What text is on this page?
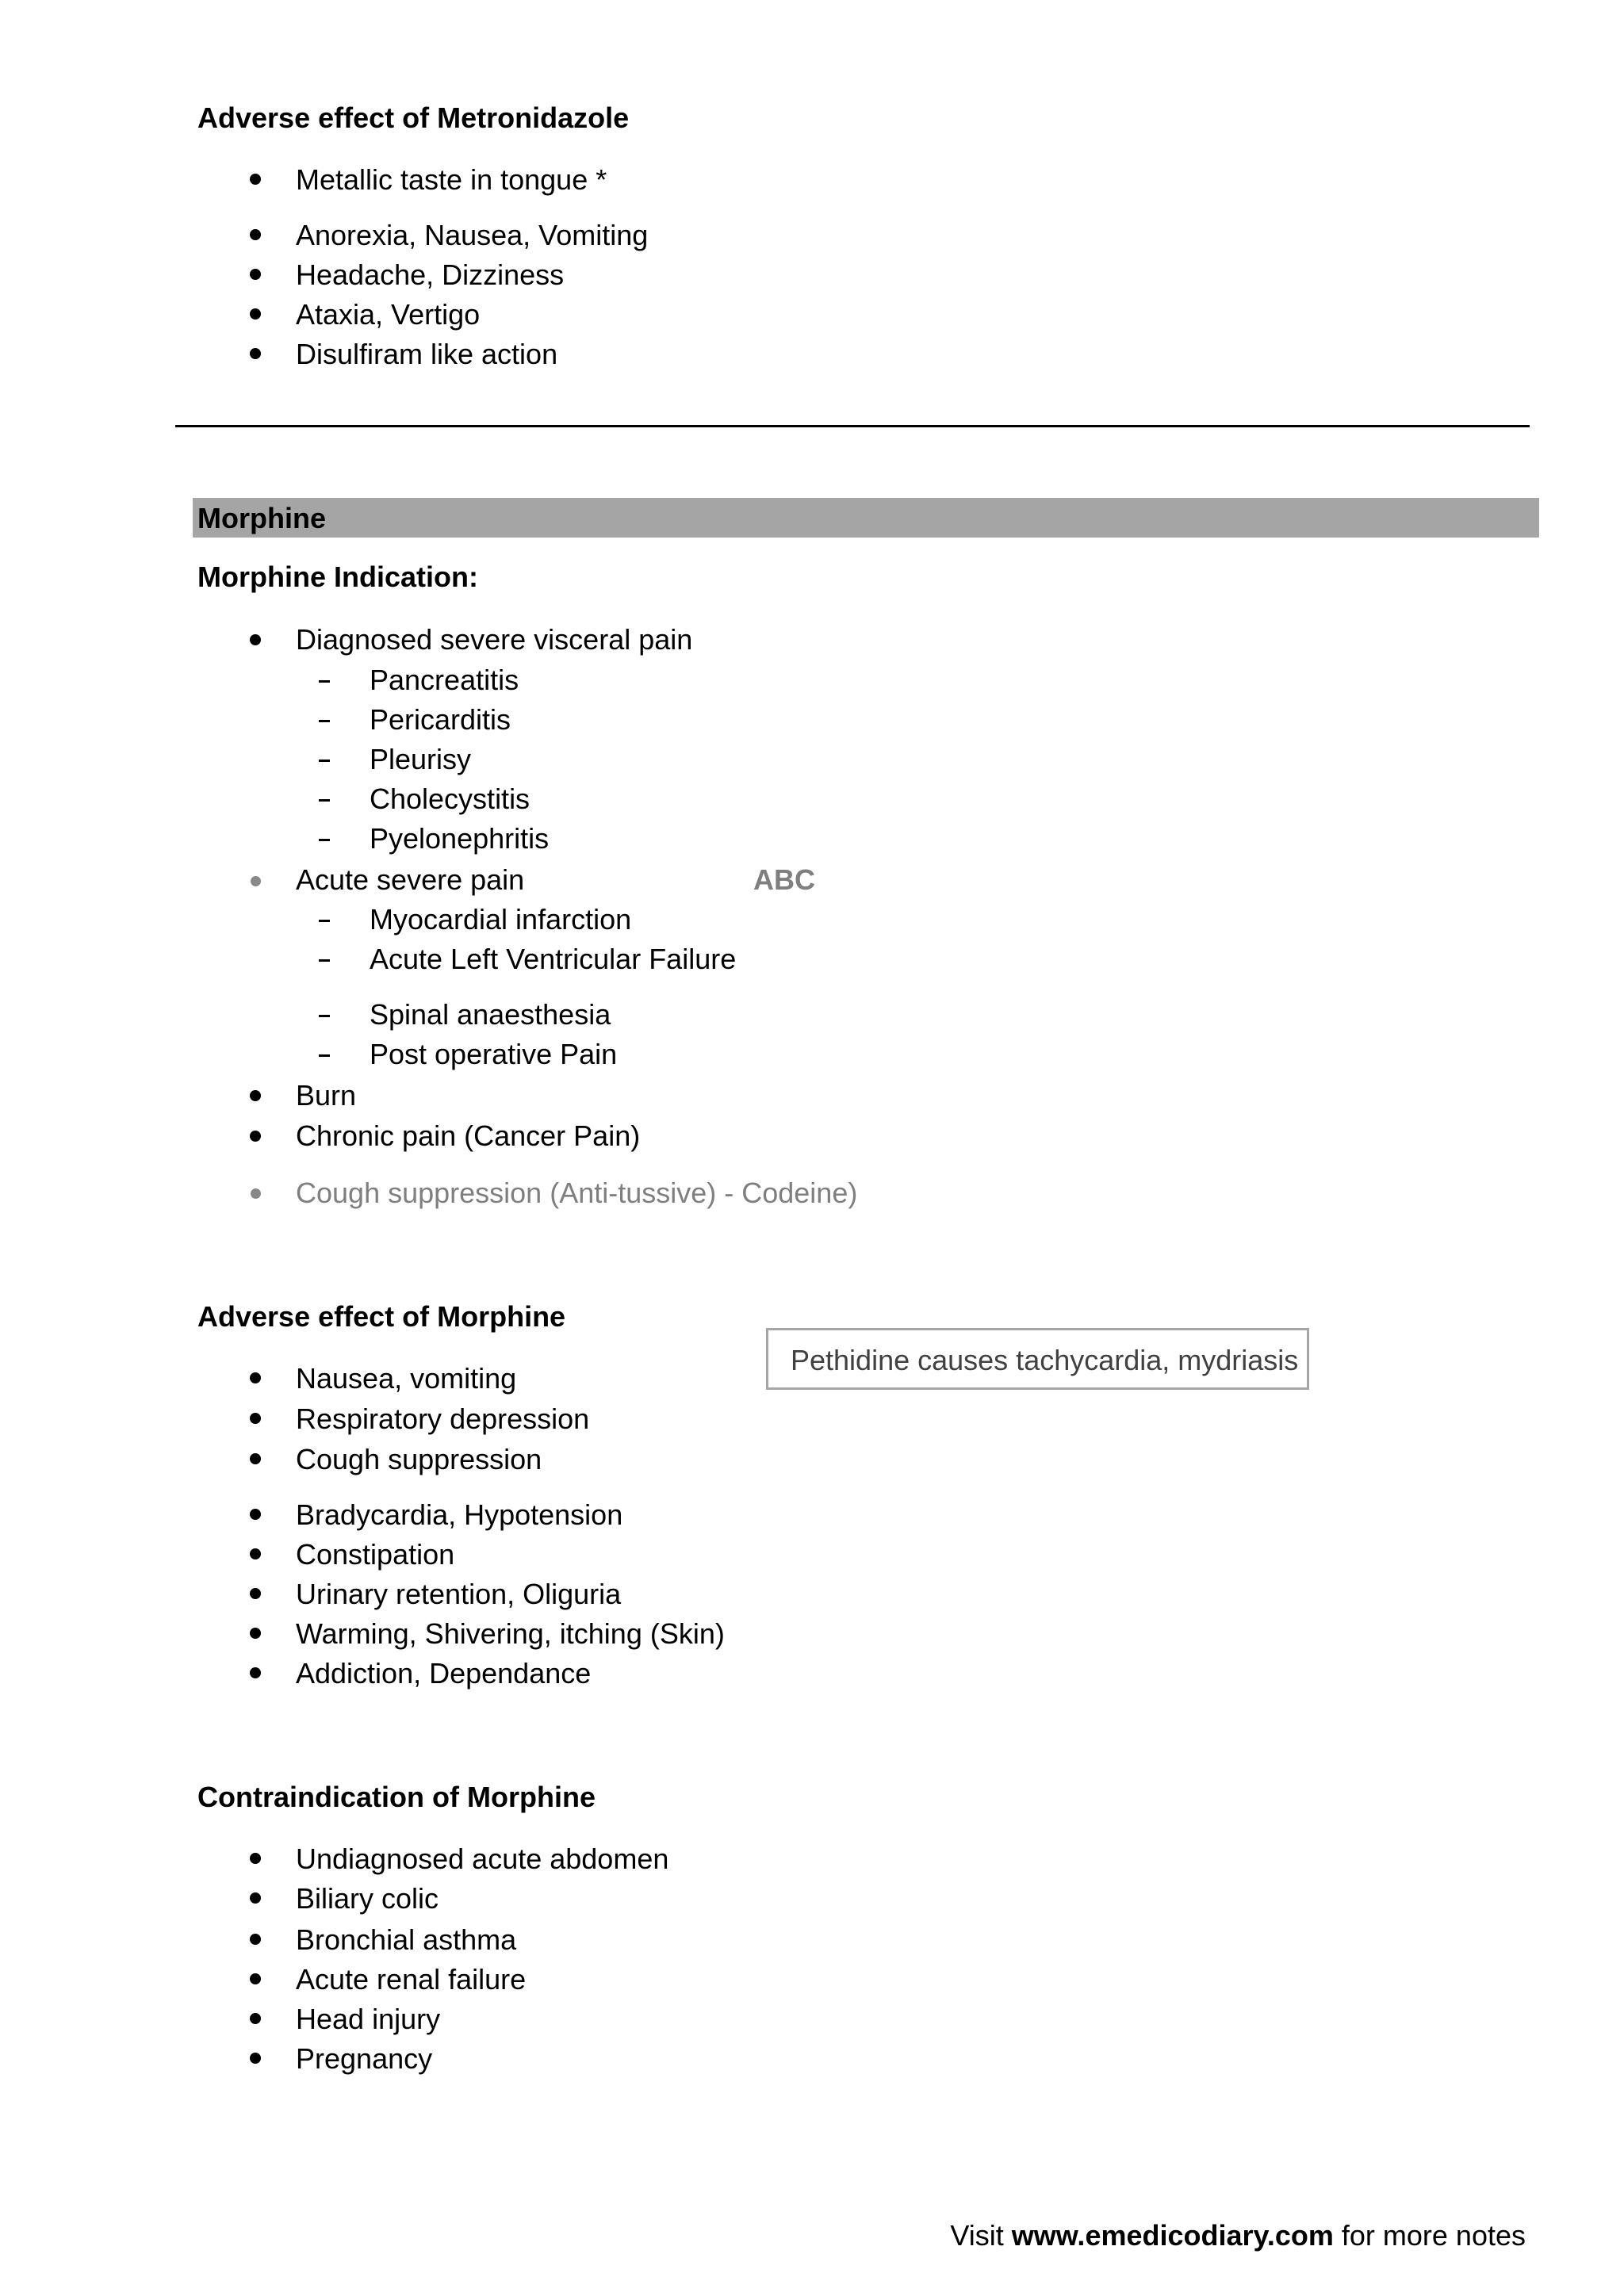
Adverse effect of Metronidazole
Metallic taste in tongue *
Anorexia, Nausea, Vomiting
Headache, Dizziness
Ataxia, Vertigo
Disulfiram like action
Morphine
Morphine Indication:
Diagnosed severe visceral pain
Pancreatitis
Pericarditis
Pleurisy
Cholecystitis
Pyelonephritis
Acute severe pain	ABC
Myocardial infarction
Acute Left Ventricular Failure
Spinal anaesthesia
Post operative Pain
Burn
Chronic pain (Cancer Pain)
Cough suppression (Anti-tussive) - Codeine)
Adverse effect of Morphine
Pethidine causes tachycardia, mydriasis
Nausea, vomiting
Respiratory depression
Cough suppression
Bradycardia, Hypotension
Constipation
Urinary retention, Oliguria
Warming, Shivering, itching (Skin)
Addiction, Dependance
Contraindication of Morphine
Undiagnosed acute abdomen
Biliary colic
Bronchial asthma
Acute renal failure
Head injury
Pregnancy
Visit www.emedicodiary.com for more notes
